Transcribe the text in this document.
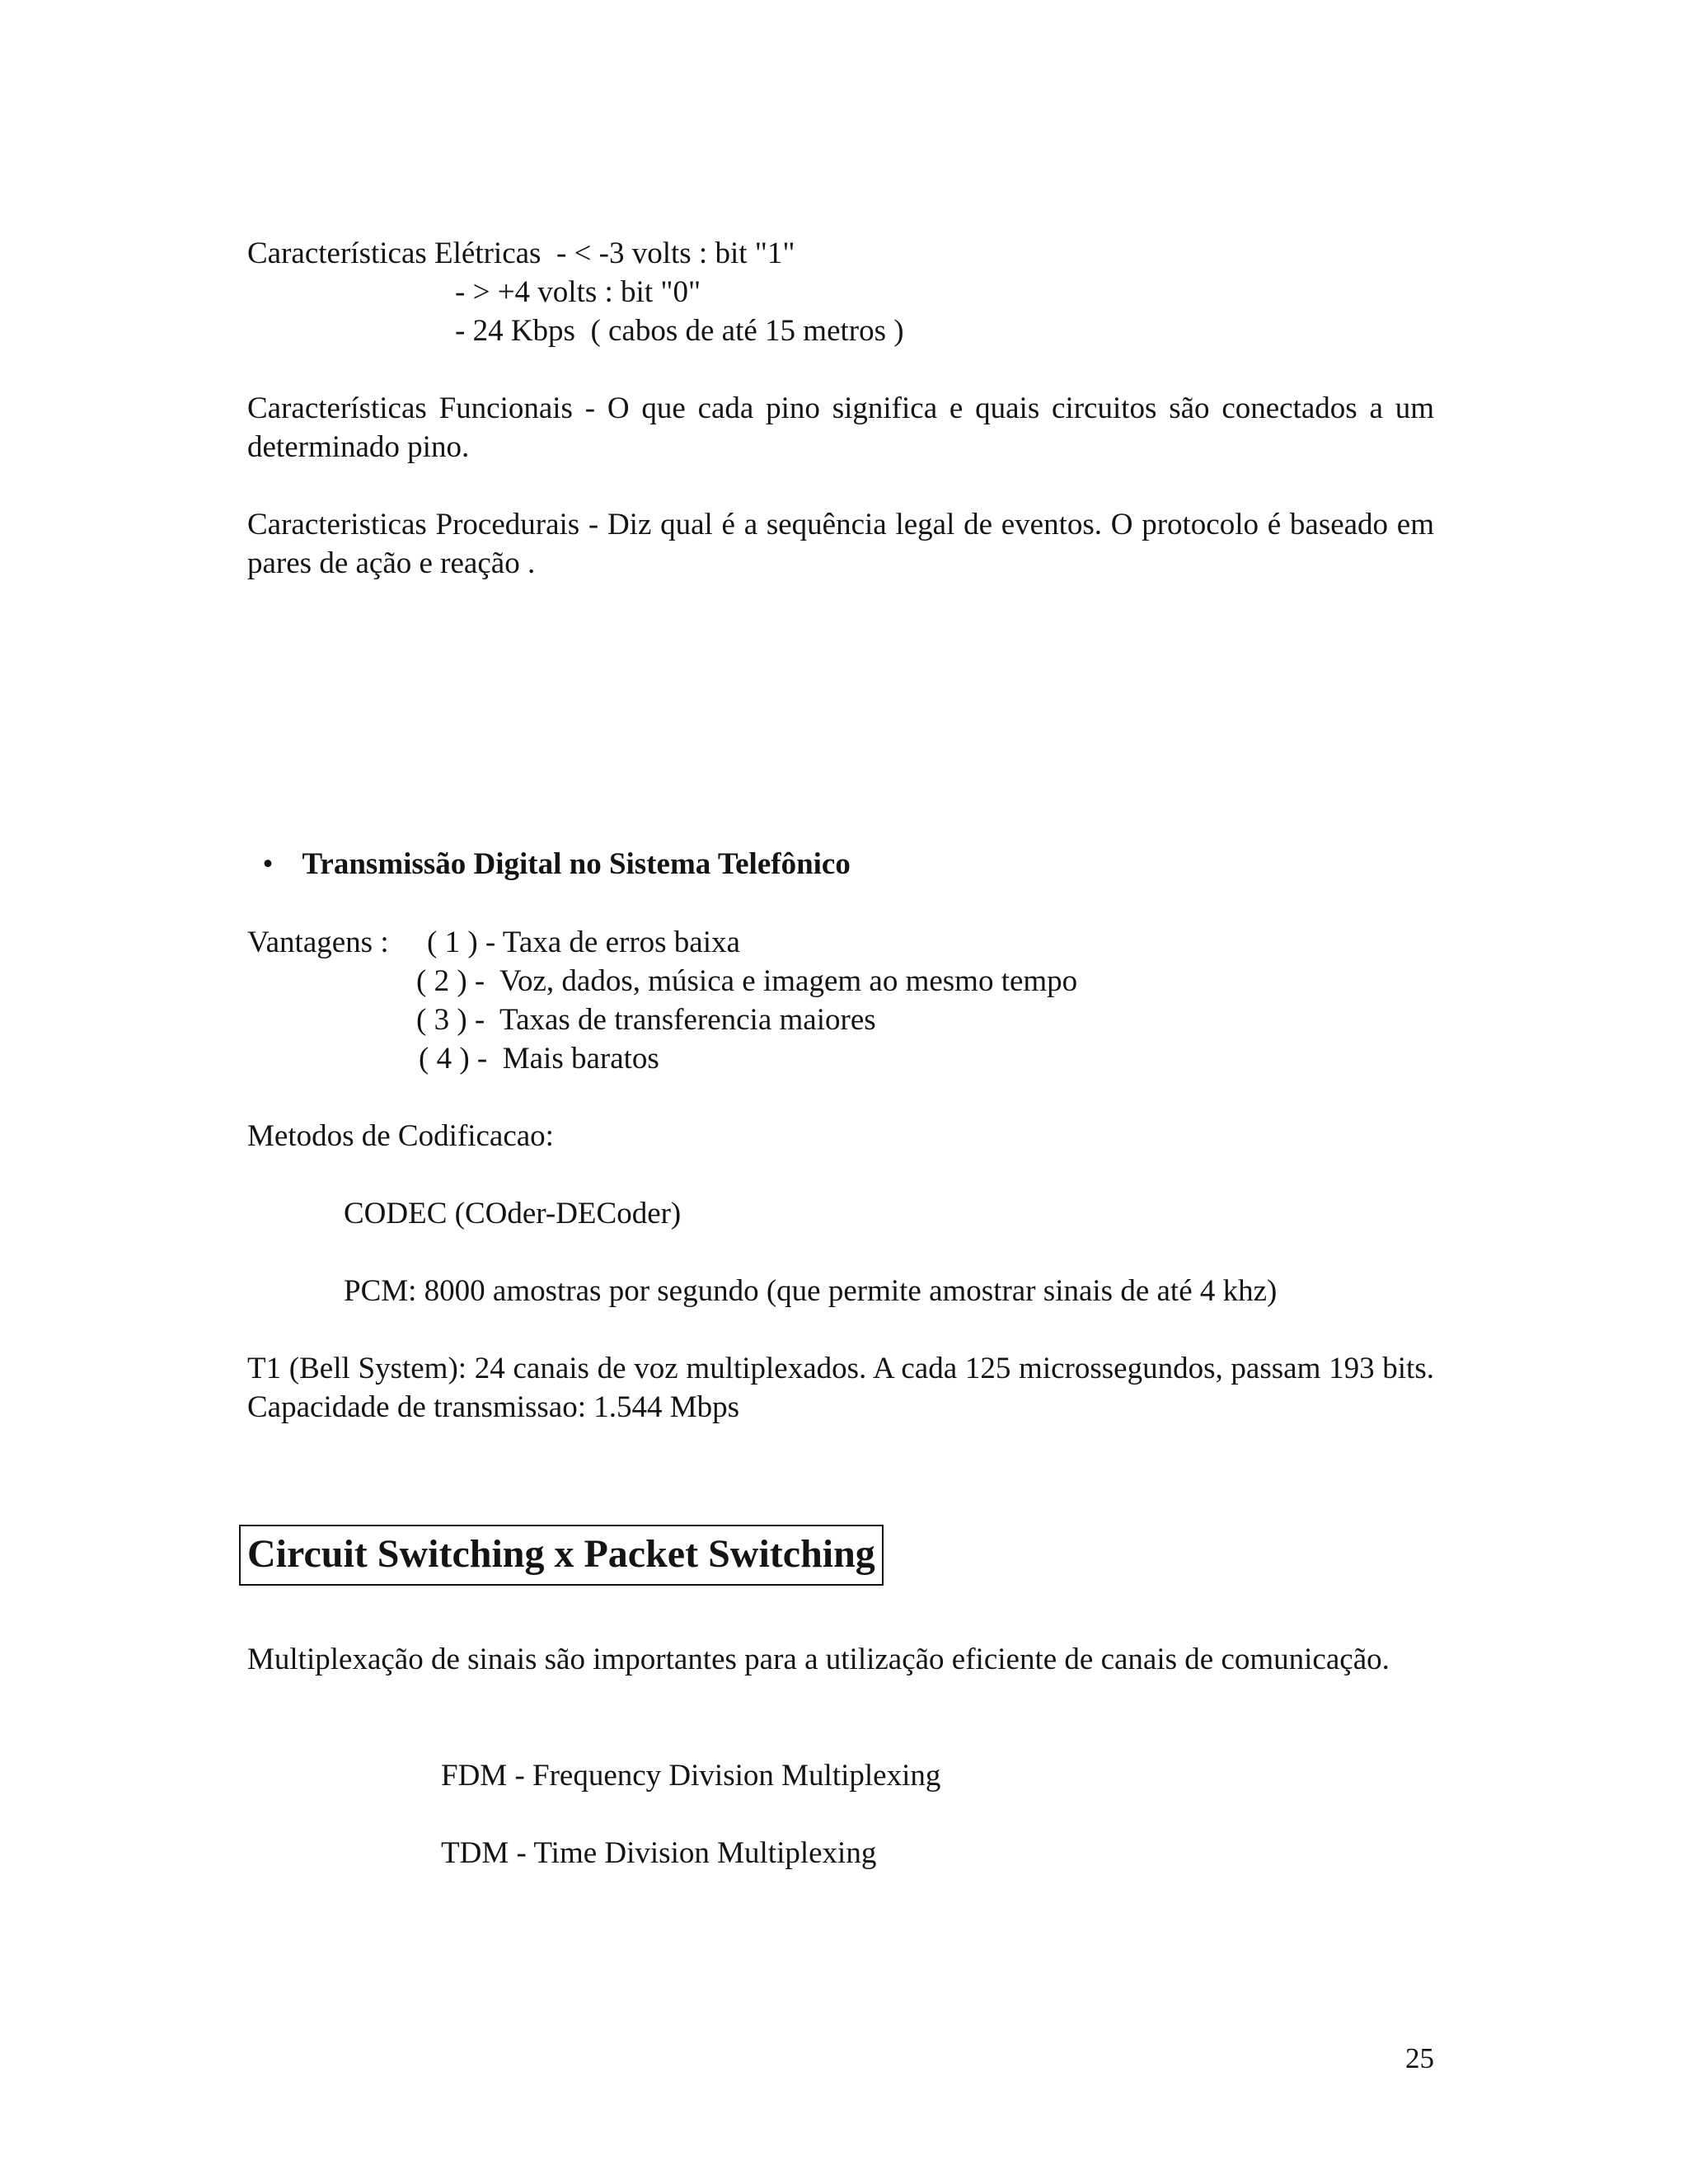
Características Elétricas  - < -3 volts : bit "1"
- > +4 volts : bit "0"
- 24 Kbps  ( cabos de até 15 metros )
Características Funcionais - O que cada pino significa e quais circuitos são conectados a um determinado pino.
Caracteristicas Procedurais - Diz qual é a sequência legal de eventos. O protocolo é baseado em pares de ação e reação .

• Transmissão Digital no Sistema Telefônico

Vantagens : ( 1 ) - Taxa de erros baixa
( 2 ) -  Voz, dados, música e imagem ao mesmo tempo
( 3 ) -  Taxas de transferencia maiores
( 4 ) -  Mais baratos
Metodos de Codificacao:
CODEC (COder-DECoder)
PCM: 8000 amostras por segundo (que permite amostrar sinais de até 4 khz)
T1 (Bell System): 24 canais de voz multiplexados. A cada 125 microssegundos, passam 193 bits. Capacidade de transmissao: 1.544 Mbps
Circuit Switching x Packet Switching
Multiplexação de sinais são importantes para a utilização eficiente de canais de comunicação.
FDM - Frequency Division Multiplexing
TDM - Time Division Multiplexing
25
